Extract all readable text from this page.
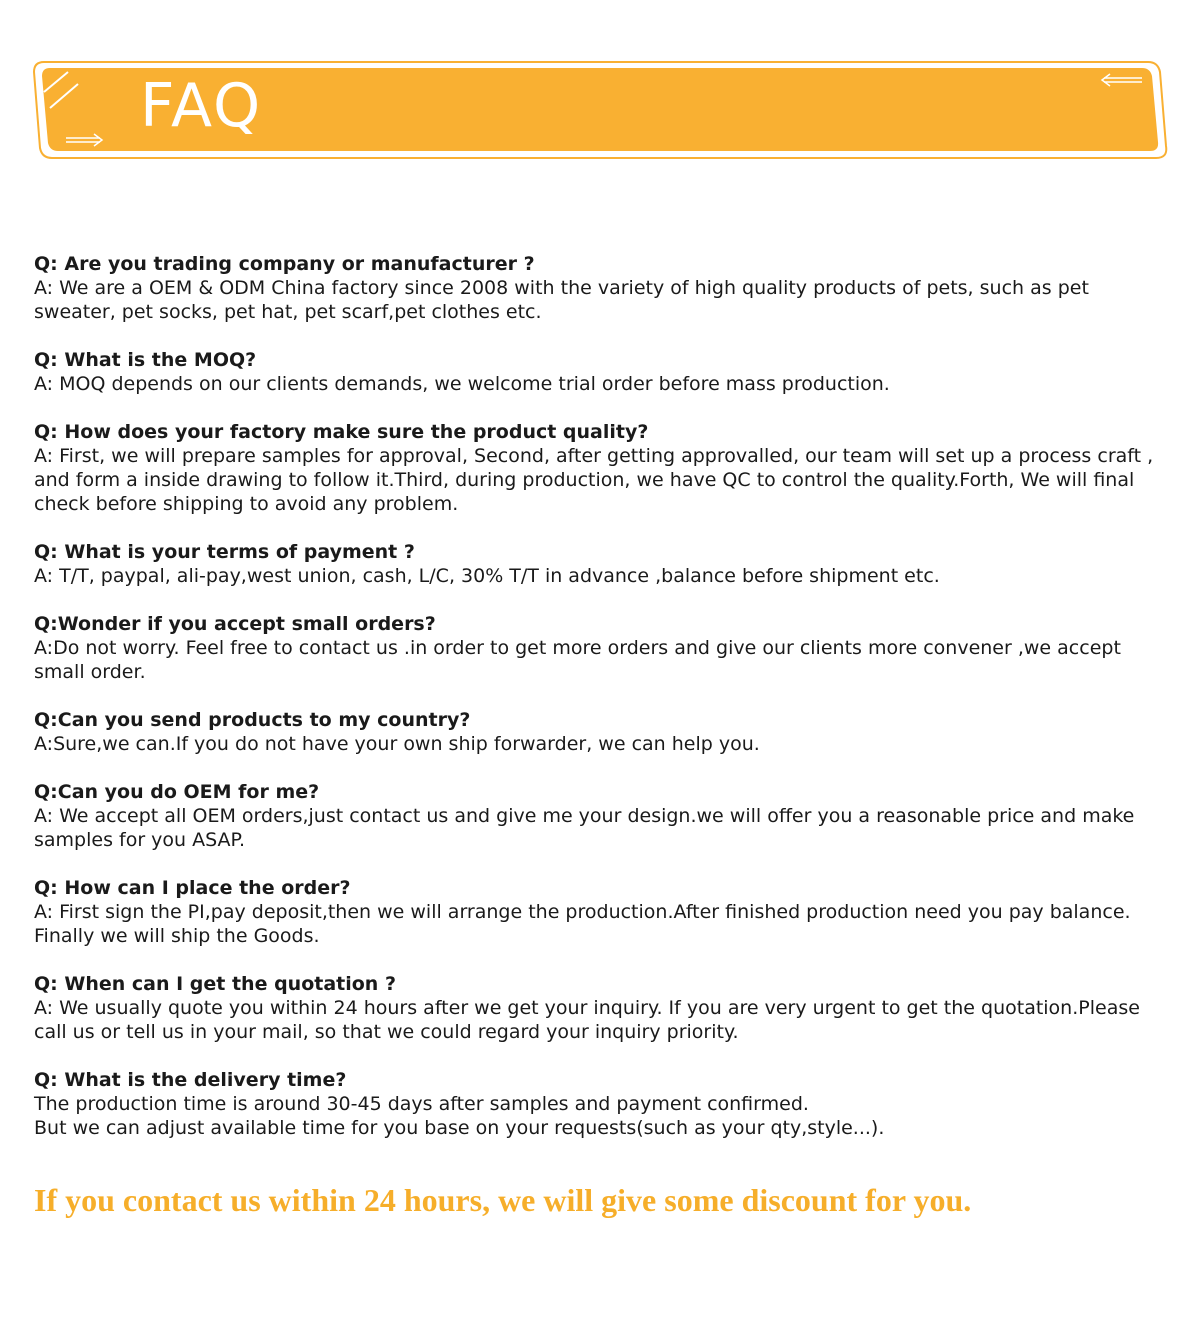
FAQ
Q: Are you trading company or manufacturer ?
A: We are a OEM & ODM China factory since 2008 with the variety of high quality products of pets, such as pet sweater, pet socks, pet hat, pet scarf,pet clothes etc.
Q: What is the MOQ?
A: MOQ depends on our clients demands, we welcome trial order before mass production.
Q: How does your factory make sure the product quality?
A: First, we will prepare samples for approval, Second, after getting approvalled, our team will set up a process craft , and form a inside drawing to follow it.Third, during production, we have QC to control the quality.Forth, We will final check before shipping to avoid any problem.
Q: What is your terms of payment ?
A: T/T, paypal, ali-pay,west union, cash, L/C, 30% T/T in advance ,balance before shipment etc.
Q:Wonder if you accept small orders?
A:Do not worry. Feel free to contact us .in order to get more orders and give our clients more convener ,we accept small order.
Q:Can you send products to my country?
A:Sure,we can.If you do not have your own ship forwarder, we can help you.
Q:Can you do OEM for me?
A: We accept all OEM orders,just contact us and give me your design.we will offer you a reasonable price and make samples for you ASAP.
Q: How can I place the order?
A: First sign the PI,pay deposit,then we will arrange the production.After finished production need you pay balance. Finally we will ship the Goods.
Q: When can I get the quotation ?
A: We usually quote you within 24 hours after we get your inquiry. If you are very urgent to get the quotation.Please call us or tell us in your mail, so that we could regard your inquiry priority.
Q: What is the delivery time?
The production time is around 30-45 days after samples and payment confirmed.
But we can adjust available time for you base on your requests(such as your qty,style...).
If you contact us within 24 hours, we will give some discount for you.
